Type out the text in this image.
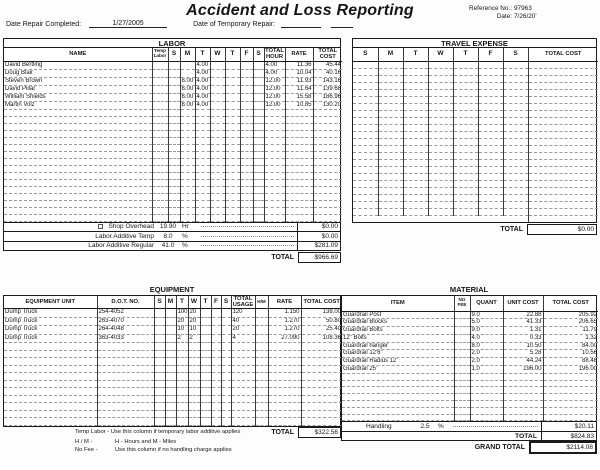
Accident and Loss Reporting	Reference No.: 97963
Date: 7/26/20'
Date Repair Completed:	1/27/2005	Date of Temporary Repair:
LABOR
NAME	Temp Labor	S	M	T	W	T	F	S	TOTAL HOUR	RATE	TOTAL COST
David Bertling				4.00					4.00	11.36	45.44
Doug Blair				4.00					4.00	10.04	40.16
Steven Brown			8.00	4.00					12.00	11.93	143.16
David Pillar			8.00	4.00					12.00	11.64	139.68
William Shields			8.00	4.00					12.00	15.58	186.96
Martin Volz			8.00	4.00					12.00	10.85	130.20

Shop Overhead 19.90 Hr	$0.00
Labor Additive Temp	8.0	%	$0.00
Labor Additive Regular	41.0	%	$281.09
TOTAL	$966.69
TRAVEL EXPENSE
S	M	T	W	T	F	S	TOTAL COST

TOTAL	$0.00
EQUIPMENT
EQUIPMENT UNIT	D.O.T. NO.	S	M	T	W	T	F	S	TOTAL USAGE	H/M	RATE	TOTAL COST
Dump Truck	254-4052			100	20				120		1.150	138.00
Dump Truck	263-4070			20	20				40		1.270	50.80
Dump Truck	264-4048			10	10				20		1.270	25.40
Dump Truck	363-4033			2	2				4		27.090	108.36

Temp Labor - Use this column if temporary labor additive applies	TOTAL	$322.56
H / M -	H - Hours and M - Miles
No Fee -	Use this column if no handling charge applies
MATERIAL
ITEM	NO FEE	QUANT	UNIT COST	TOTAL COST
Guardrail Post		9.0	22.88	205.92
Guardrail Blocks		5.0	41.33	206.65
Guardrail Bolts		9.0	1.31	11.79
12" Bolts		4.0	0.33	1.32
Guardrail hanger		8.0	10.50	84.00
Guardrail 12'6"		2.0	5.28	10.56
Guardrail Radius 12'		2.0	44.24	88.48
Guardrail 25'		1.0	196.00	196.00

Handling	2.5	%	$20.11
TOTAL	$824.83
GRAND TOTAL	$2114.08
